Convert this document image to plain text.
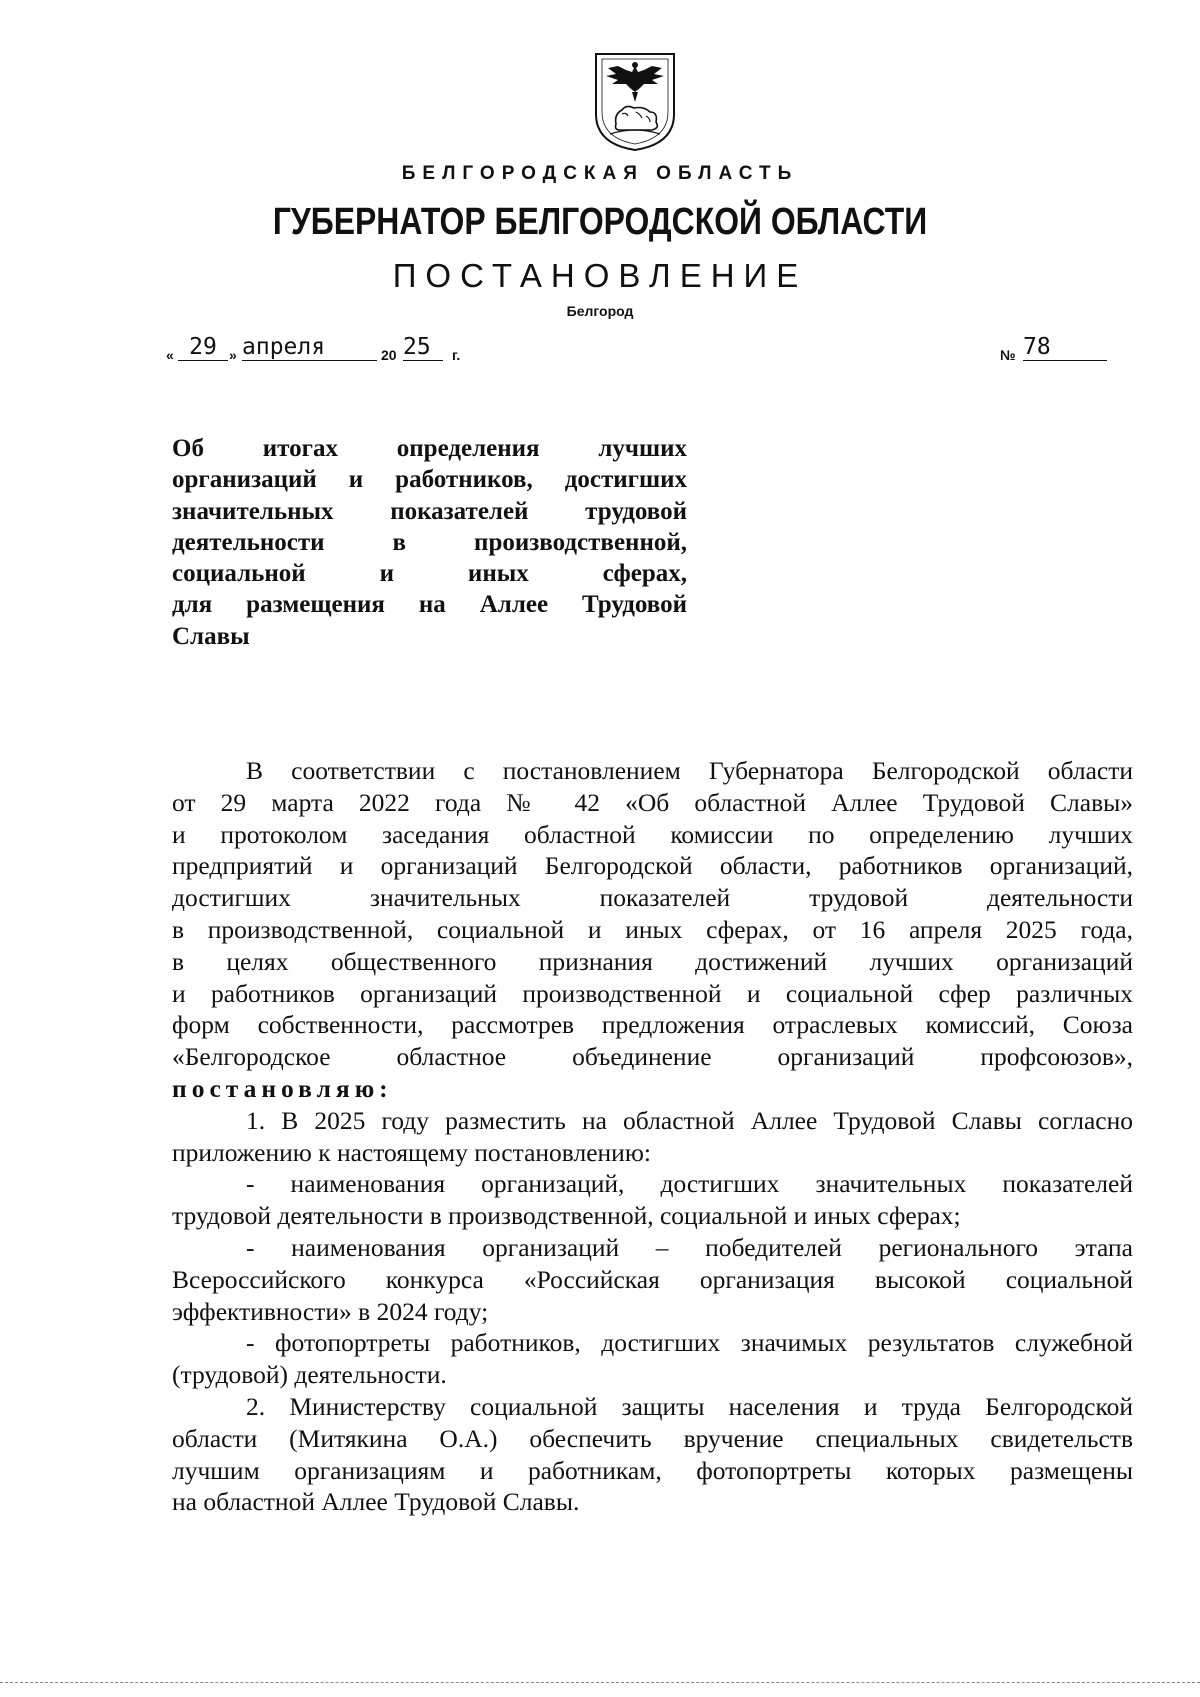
БЕЛГОРОДСКАЯ ОБЛАСТЬ
ГУБЕРНАТОР БЕЛГОРОДСКОЙ ОБЛАСТИ
ПОСТАНОВЛЕНИЕ
Белгород
« 29 » апреля	20 25	г.	№ 78
Об итогах определения лучших
организаций и работников, достигших
значительных показателей трудовой
деятельности в производственной,
социальной и иных сферах,
для размещения на Аллее Трудовой
Славы
В соответствии с постановлением Губернатора Белгородской области
от 29 марта 2022 года № 42 «Об областной Аллее Трудовой Славы»
и протоколом заседания областной комиссии по определению лучших
предприятий и организаций Белгородской области, работников организаций,
достигших значительных показателей трудовой деятельности
в производственной, социальной и иных сферах, от 16 апреля 2025 года,
в целях общественного признания достижений лучших организаций
и работников организаций производственной и социальной сфер различных
форм собственности, рассмотрев предложения отраслевых комиссий, Союза
«Белгородское областное объединение организаций профсоюзов»,
постановляю:
1. В 2025 году разместить на областной Аллее Трудовой Славы согласно
приложению к настоящему постановлению:
- наименования организаций, достигших значительных показателей
трудовой деятельности в производственной, социальной и иных сферах;
- наименования организаций – победителей регионального этапа
Всероссийского конкурса «Российская организация высокой социальной
эффективности» в 2024 году;
- фотопортреты работников, достигших значимых результатов служебной
(трудовой) деятельности.
2. Министерству социальной защиты населения и труда Белгородской
области (Митякина О.А.) обеспечить вручение специальных свидетельств
лучшим организациям и работникам, фотопортреты которых размещены
на областной Аллее Трудовой Славы.
